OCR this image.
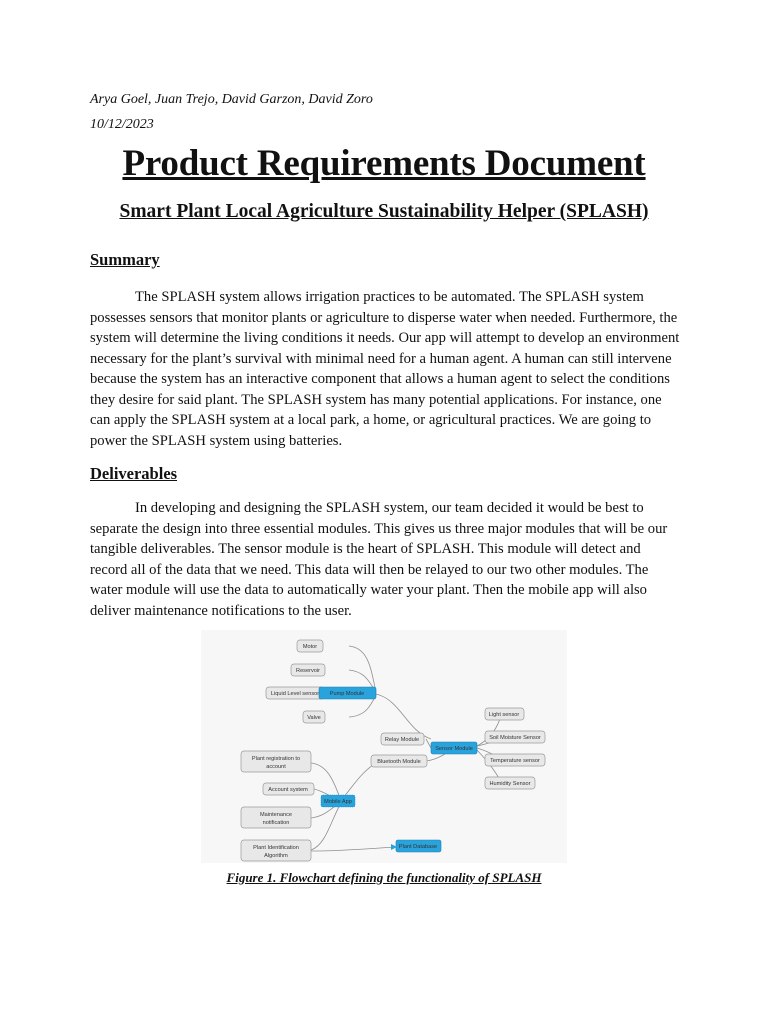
Arya Goel, Juan Trejo, David Garzon, David Zoro

10/12/2023

Product Requirements Document
Smart Plant Local Agriculture Sustainability Helper (SPLASH)
Summary

The SPLASH system allows irrigation practices to be automated. The SPLASH system possesses sensors that monitor plants or agriculture to disperse water when needed. Furthermore, the system will determine the living conditions it needs. Our app will attempt to develop an environment necessary for the plant’s survival with minimal need for a human agent. A human can still intervene because the system has an interactive component that allows a human agent to select the conditions they desire for said plant. The SPLASH system has many potential applications. For instance, one can apply the SPLASH system at a local park, a home, or agricultural practices. We are going to power the SPLASH system using batteries.

Deliverables

In developing and designing the SPLASH system, our team decided it would be best to separate the design into three essential modules. This gives us three major modules that will be our tangible deliverables. The sensor module is the heart of SPLASH. This module will detect and record all of the data that we need. This data will then be relayed to our two other modules. The water module will use the data to automatically water your plant. Then the mobile app will also deliver maintenance notifications to the user.

Motor
Reservoir
Liquid Level sensor
Valve
Pump Module
Relay Module
Bluetooth Module
Sensor Module
Light sensor
Soil Moisture Sensor
Temperature sensor
Humidity Sensor
Plant registration to
account
Account system
Mobile App
Maintenance
notification
Plant Identification
Algorithm
Plant Database

Figure 1. Flowchart defining the functionality of SPLASH
